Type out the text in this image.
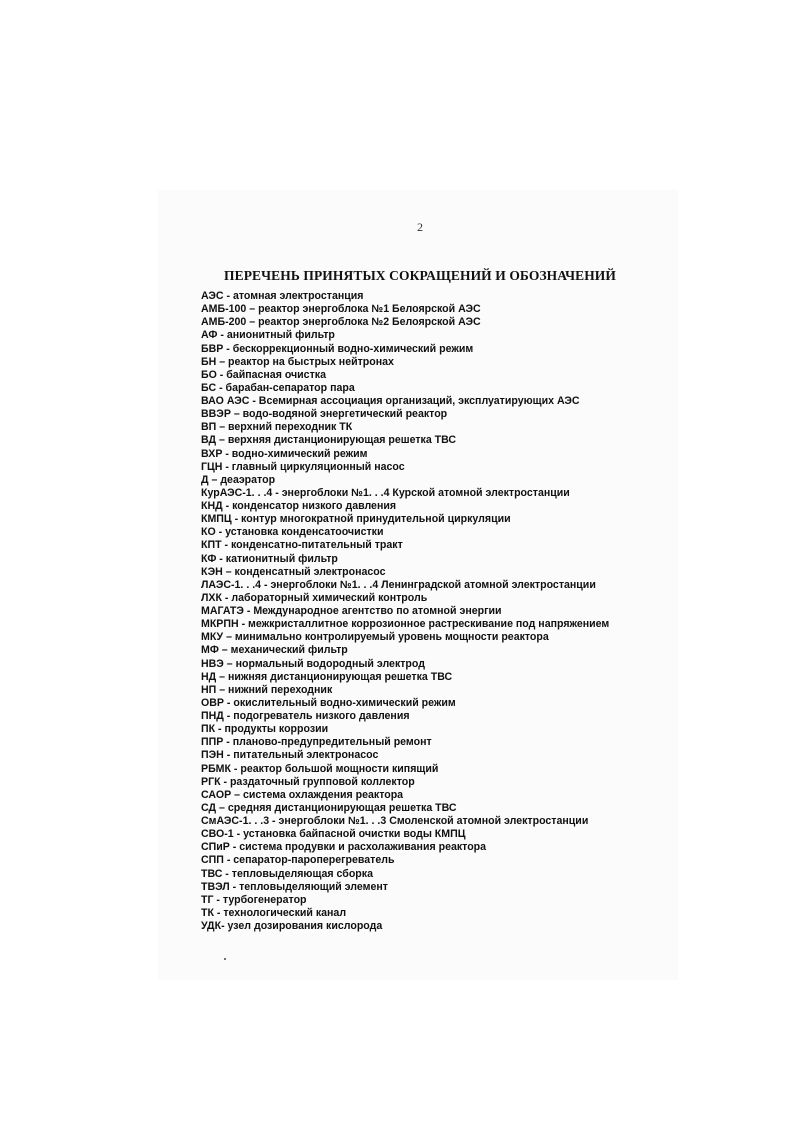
2
ПЕРЕЧЕНЬ ПРИНЯТЫХ СОКРАЩЕНИЙ И ОБОЗНАЧЕНИЙ
АЭС - атомная электростанция
АМБ-100 – реактор энергоблока №1 Белоярской АЭС
АМБ-200 – реактор энергоблока №2 Белоярской АЭС
АФ - анионитный фильтр
БВР - бескоррекционный водно-химический режим
БН – реактор на быстрых нейтронах
БО - байпасная очистка
БС - барабан-сепаратор пара
ВАО АЭС - Всемирная ассоциация организаций, эксплуатирующих АЭС
ВВЭР – водо-водяной энергетический реактор
ВП – верхний переходник ТК
ВД – верхняя дистанционирующая решетка ТВС
ВХР - водно-химический режим
ГЦН - главный циркуляционный насос
Д – деаэратор
КурАЭС-1. . .4 - энергоблоки №1. . .4 Курской атомной электростанции
КНД - конденсатор низкого давления
КМПЦ - контур многократной принудительной циркуляции
КО - установка конденсатоочистки
КПТ - конденсатно-питательный тракт
КФ - катионитный фильтр
КЭН – конденсатный электронасос
ЛАЭС-1. . .4 - энергоблоки №1. . .4 Ленинградской атомной электростанции
ЛХК - лабораторный химический контроль
МАГАТЭ - Международное агентство по атомной энергии
МКРПН - межкристаллитное коррозионное растрескивание под напряжением
МКУ – минимально контролируемый уровень мощности реактора
МФ – механический фильтр
НВЭ – нормальный водородный электрод
НД – нижняя дистанционирующая решетка ТВС
НП – нижний переходник
ОВР - окислительный водно-химический режим
ПНД - подогреватель низкого давления
ПК - продукты коррозии
ППР - планово-предупредительный ремонт
ПЭН - питательный электронасос
РБМК - реактор большой мощности кипящий
РГК - раздаточный групповой коллектор
САОР – система охлаждения реактора
СД – средняя дистанционирующая решетка ТВС
СмАЭС-1. . .3 - энергоблоки №1. . .3 Смоленской атомной электростанции
СВО-1 - установка байпасной очистки воды КМПЦ
СПиР - система продувки и расхолаживания реактора
СПП - сепаратор-пароперегреватель
ТВС - тепловыделяющая сборка
ТВЭЛ - тепловыделяющий элемент
ТГ - турбогенератор
ТК - технологический канал
УДК- узел дозирования кислорода
